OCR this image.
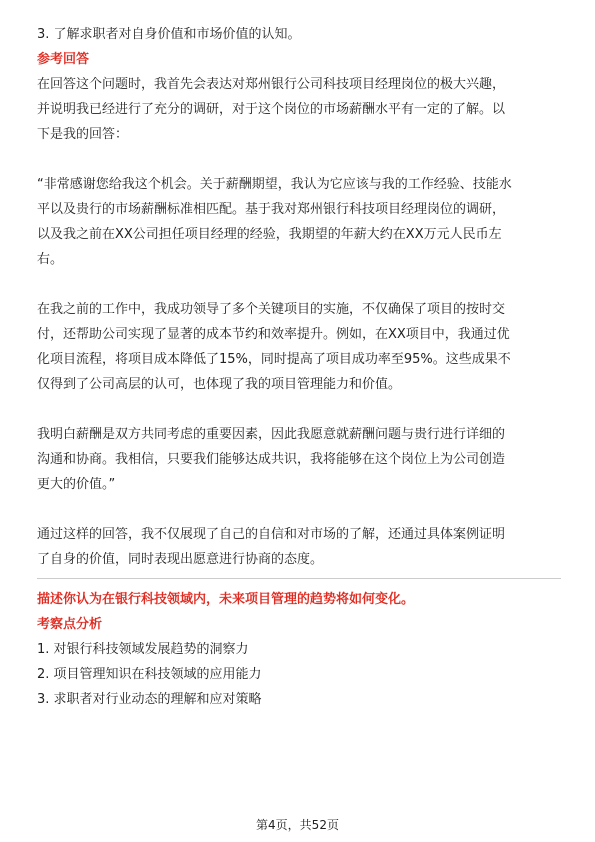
3. 了解求职者对自身价值和市场价值的认知。

参考回答

在回答这个问题时，我首先会表达对郑州银行公司科技项目经理岗位的极大兴趣，

并说明我已经进行了充分的调研，对于这个岗位的市场薪酬水平有一定的了解。以

下是我的回答：

“非常感谢您给我这个机会。关于薪酬期望，我认为它应该与我的工作经验、技能水

平以及贵行的市场薪酬标准相匹配。基于我对郑州银行科技项目经理岗位的调研，

以及我之前在XX公司担任项目经理的经验，我期望的年薪大约在XX万元人民币左

右。

在我之前的工作中，我成功领导了多个关键项目的实施，不仅确保了项目的按时交

付，还帮助公司实现了显著的成本节约和效率提升。例如，在XX项目中，我通过优

化项目流程，将项目成本降低了15%，同时提高了项目成功率至95%。这些成果不

仅得到了公司高层的认可，也体现了我的项目管理能力和价值。

我明白薪酬是双方共同考虑的重要因素，因此我愿意就薪酬问题与贵行进行详细的

沟通和协商。我相信，只要我们能够达成共识，我将能够在这个岗位上为公司创造

更大的价值。”

通过这样的回答，我不仅展现了自己的自信和对市场的了解，还通过具体案例证明

了自身的价值，同时表现出愿意进行协商的态度。

描述你认为在银行科技领域内，未来项目管理的趋势将如何变化。
考察点分析

1. 对银行科技领域发展趋势的洞察力

2. 项目管理知识在科技领域的应用能力

3. 求职者对行业动态的理解和应对策略

第4页，共52页
